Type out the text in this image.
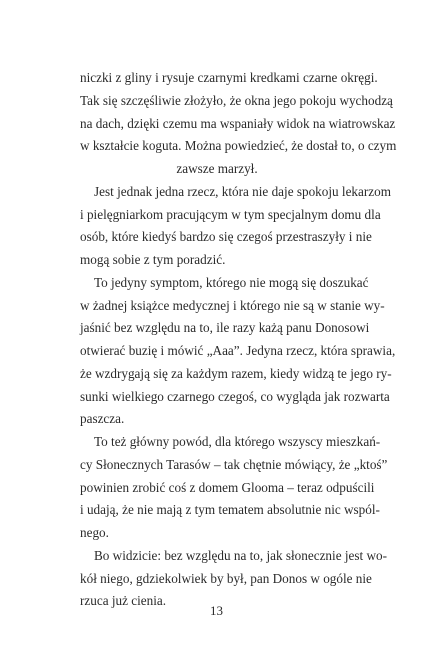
niczki z gliny i rysuje czarnymi kredkami czarne okręgi.
Tak się szczęśliwie złożyło, że okna jego pokoju wychodzą
na dach, dzięki czemu ma wspaniały widok na wiatrowskaz
w kształcie koguta. Można powiedzieć, że dostał to, o czym
zawsze marzył.
Jest jednak jedna rzecz, która nie daje spokoju lekarzom
i pielęgniarkom pracującym w tym specjalnym domu dla
osób, które kiedyś bardzo się czegoś przestraszyły i nie
mogą sobie z tym poradzić.
To jedyny symptom, którego nie mogą się doszukać
w żadnej książce medycznej i którego nie są w stanie wy-
jaśnić bez względu na to, ile razy każą panu Donosowi
otwierać buzię i mówić „Aaa”. Jedyna rzecz, która sprawia,
że wzdrygają się za każdym razem, kiedy widzą te jego ry-
sunki wielkiego czarnego czegoś, co wygląda jak rozwarta
paszcza.
To też główny powód, dla którego wszyscy mieszkań-
cy Słonecznych Tarasów – tak chętnie mówiący, że „ktoś”
powinien zrobić coś z domem Glooma – teraz odpuścili
i udają, że nie mają z tym tematem absolutnie nic wspól-
nego.
Bo widzicie: bez względu na to, jak słonecznie jest wo-
kół niego, gdziekolwiek by był, pan Donos w ogóle nie
rzuca już cienia.
13
